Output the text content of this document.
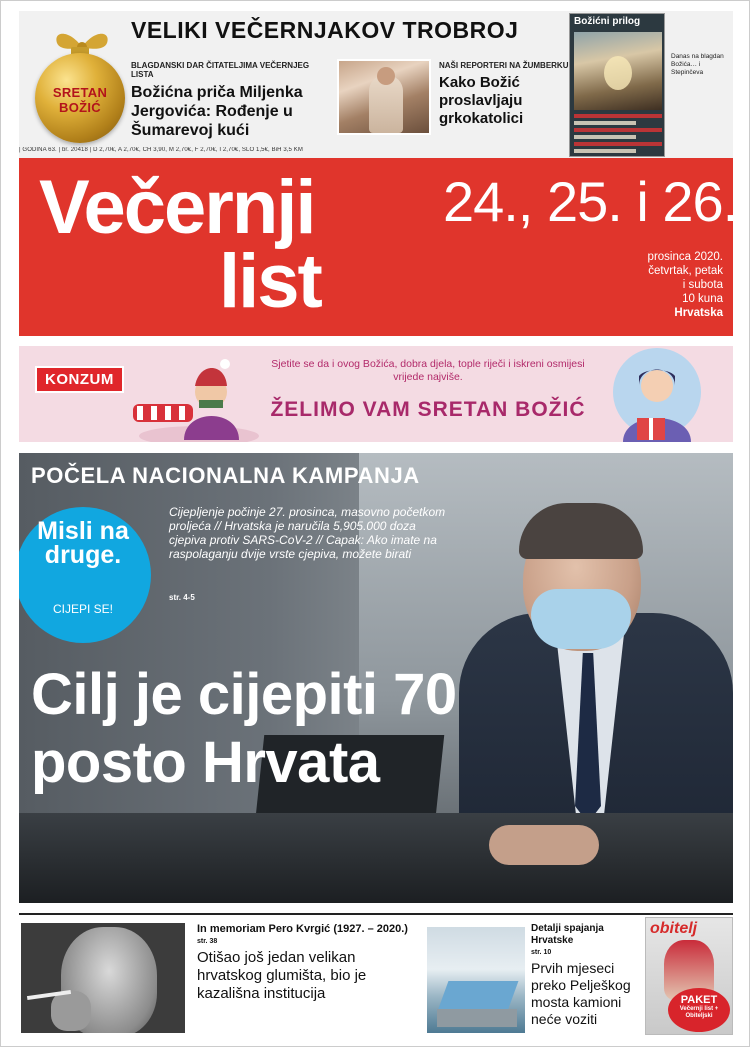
SRETAN
BOŽIĆ
VELIKI VEČERNJAKOV TROBROJ
BLAGDANSKI DAR ČITATELJIMA VEČERNJEG LISTA
Božićna priča Miljenka Jergovića: Rođenje u Šumarevoj kući
NAŠI REPORTERI NA ŽUMBERKU
Kako Božić proslavljaju grkokatolici
Božićni prilog
Danas na blagdan Božića… i Stepinčeva
| GODINA 63. | br. 20418 | D 2,70€, A 2,70€, CH 3,90, M 2,70€, F 2,70€, I 2,70€, SLO 1,5€, BiH 3,5 KM
Večernji
list
24., 25. i 26.
prosinca 2020.
četvrtak, petak
i subota
10 kuna
Hrvatska
KONZUM
Sjetite se da i ovog Božića, dobra djela, tople riječi i iskreni osmijesi vrijede najviše.
ŽELIMO VAM SRETAN BOŽIĆ
POČELA NACIONALNA KAMPANJA
Misli na druge.
CIJEPI SE!
Cijepljenje počinje 27. prosinca, masovno početkom proljeća // Hrvatska je naručila 5,905.000 doza cjepiva protiv SARS-CoV-2 // Capak: Ako imate na raspolaganju dvije vrste cjepiva, možete birati
str. 4-5
Cilj je cijepiti 70 posto Hrvata
In memoriam Pero Kvrgić (1927. – 2020.)
str. 38
Otišao još jedan velikan hrvatskog glumišta, bio je kazališna institucija
Detalji spajanja Hrvatske
str. 10
Prvih mjeseci preko Pelješkog mosta kamioni neće voziti
obitelj
PAKET
Večernji list + Obiteljski
